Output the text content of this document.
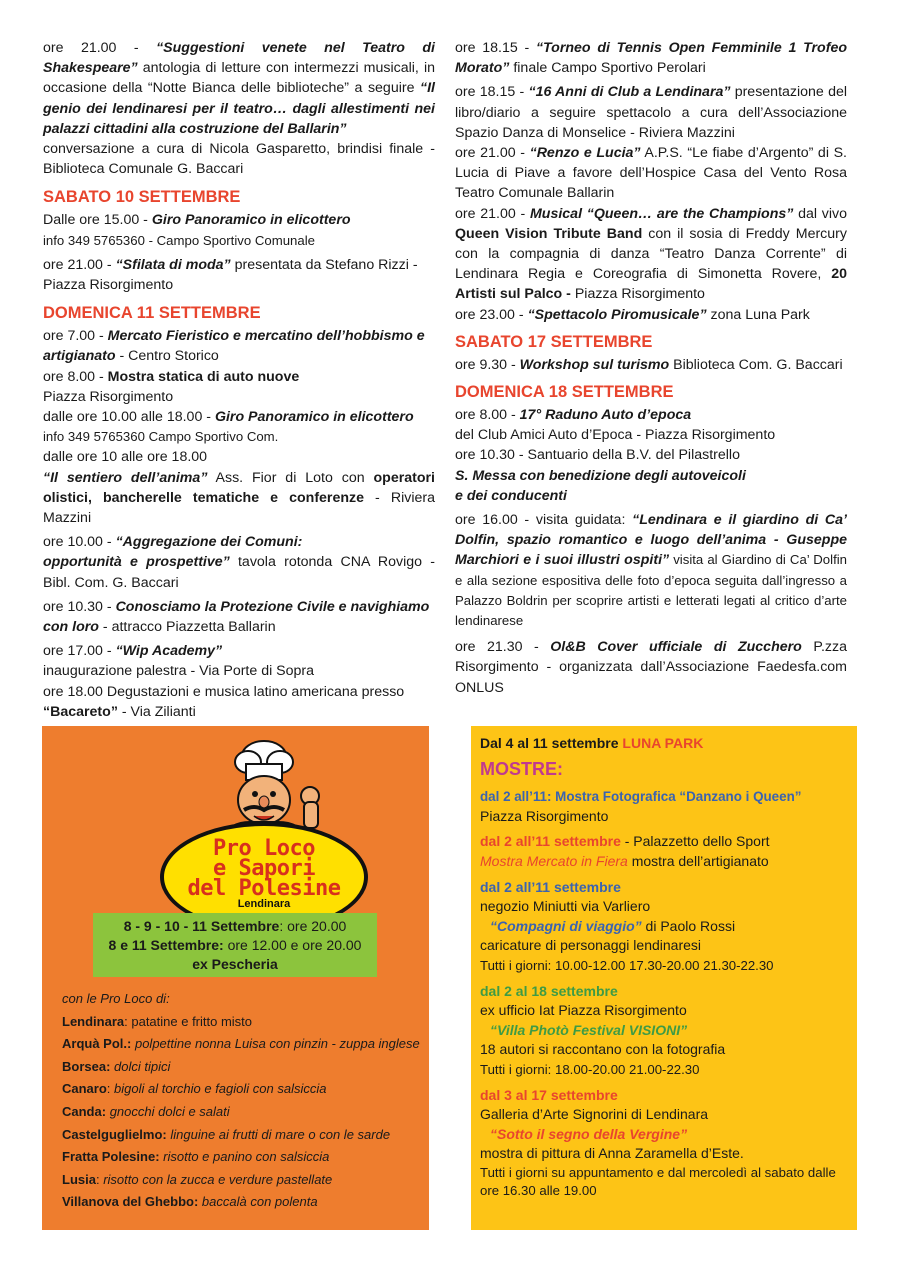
ore 21.00 - “Suggestioni venete nel Teatro di Shakespeare” antologia di letture con intermezzi musicali, in occasione della “Notte Bianca delle biblioteche” a seguire “Il genio dei lendinaresi per il teatro… dagli allestimenti nei palazzi cittadini alla costruzione del Ballarin”
conversazione a cura di Nicola Gasparetto, brindisi finale - Biblioteca Comunale G. Baccari
SABATO 10 SETTEMBRE
Dalle ore 15.00 - Giro Panoramico in elicottero
info 349 5765360 - Campo Sportivo Comunale
ore 21.00 - “Sfilata di moda” presentata da Stefano Rizzi - Piazza Risorgimento
DOMENICA 11 SETTEMBRE
ore 7.00 - Mercato Fieristico e mercatino dell’hobbismo e artigianato - Centro Storico
ore 8.00 - Mostra statica di auto nuove
Piazza Risorgimento
dalle ore 10.00 alle 18.00 - Giro Panoramico in elicottero
info 349 5765360 Campo Sportivo Com.
dalle ore 10 alle ore 18.00
“Il sentiero dell’anima” Ass. Fior di Loto con operatori olistici, bancherelle tematiche e conferenze - Riviera Mazzini
ore 10.00 - “Aggregazione dei Comuni:
opportunità e prospettive” tavola rotonda CNA Rovigo - Bibl. Com. G. Baccari
ore 10.30 - Conosciamo la Protezione Civile e navighiamo con loro - attracco Piazzetta Ballarin
ore 17.00 - “Wip Academy”
inaugurazione palestra - Via Porte di Sopra
ore 18.00 Degustazioni e musica latino americana presso “Bacareto” - Via Zilianti
ore 18.15 - “Torneo di Tennis Open Femminile 1 Trofeo Morato” finale Campo Sportivo Perolari
ore 18.15 - “16 Anni di Club a Lendinara” presentazione del libro/diario a seguire spettacolo a cura dell’Associazione Spazio Danza di Monselice - Riviera Mazzini
ore 21.00 - “Renzo e Lucia” A.P.S. “Le fiabe d’Argento” di S. Lucia di Piave a favore dell’Hospice Casa del Vento Rosa Teatro Comunale Ballarin
ore 21.00 - Musical “Queen… are the Champions” dal vivo Queen Vision Tribute Band con il sosia di Freddy Mercury con la compagnia di danza “Teatro Danza Corrente” di Lendinara Regia e Coreografia di Simonetta Rovere, 20 Artisti sul Palco - Piazza Risorgimento
ore 23.00 - “Spettacolo Piromusicale” zona Luna Park
SABATO 17 SETTEMBRE
ore 9.30 - Workshop sul turismo Biblioteca Com. G. Baccari
DOMENICA 18 SETTEMBRE
ore 8.00 - 17° Raduno Auto d’epoca
del Club Amici Auto d’Epoca - Piazza Risorgimento
ore 10.30 - Santuario della B.V. del Pilastrello
S. Messa con benedizione degli autoveicoli
e dei conducenti
ore 16.00 - visita guidata: “Lendinara e il giardino di Ca’ Dolfin, spazio romantico e luogo dell’anima - Guseppe Marchiori e i suoi illustri ospiti” visita al Giardino di Ca’ Dolfin e alla sezione espositiva delle foto d’epoca seguita dall’ingresso a Palazzo Boldrin per scoprire artisti e letterati legati al critico d’arte lendinarese
ore 21.30 - Ol&B Cover ufficiale di Zucchero P.zza Risorgimento - organizzata dall’Associazione Faedesfa.com ONLUS
Pro Loco
e Sapori
del Polesine
Lendinara
8 - 9 - 10 - 11 Settembre: ore 20.00
8 e 11 Settembre: ore 12.00 e ore 20.00
ex Pescheria
con le Pro Loco di:
Lendinara: patatine e fritto misto
Arquà Pol.: polpettine nonna Luisa con pinzin - zuppa inglese
Borsea: dolci tipici
Canaro: bigoli al torchio e fagioli con salsiccia
Canda: gnocchi dolci e salati
Castelguglielmo: linguine ai frutti di mare o con le sarde
Fratta Polesine: risotto e panino con salsiccia
Lusia: risotto con la zucca e verdure pastellate
Villanova del Ghebbo: baccalà con polenta
Dal 4 al 11 settembre LUNA PARK
MOSTRE:
dal 2 all’11: Mostra Fotografica “Danzano i Queen”
Piazza Risorgimento
dal 2 all’11 settembre - Palazzetto dello Sport
Mostra Mercato in Fiera mostra dell’artigianato
dal 2 all’11 settembre
negozio Miniutti via Varliero
“Compagni di viaggio” di Paolo Rossi
caricature di personaggi lendinaresi
Tutti i giorni: 10.00-12.00 17.30-20.00 21.30-22.30
dal 2 al 18 settembre
ex ufficio Iat Piazza Risorgimento
“Villa Photò Festival VISIONI”
18 autori si raccontano con la fotografia
Tutti i giorni: 18.00-20.00 21.00-22.30
dal 3 al 17 settembre
Galleria d’Arte Signorini di Lendinara
“Sotto il segno della Vergine”
mostra di pittura di Anna Zaramella d’Este.
Tutti i giorni su appuntamento e dal mercoledì al sabato dalle ore 16.30 alle 19.00
